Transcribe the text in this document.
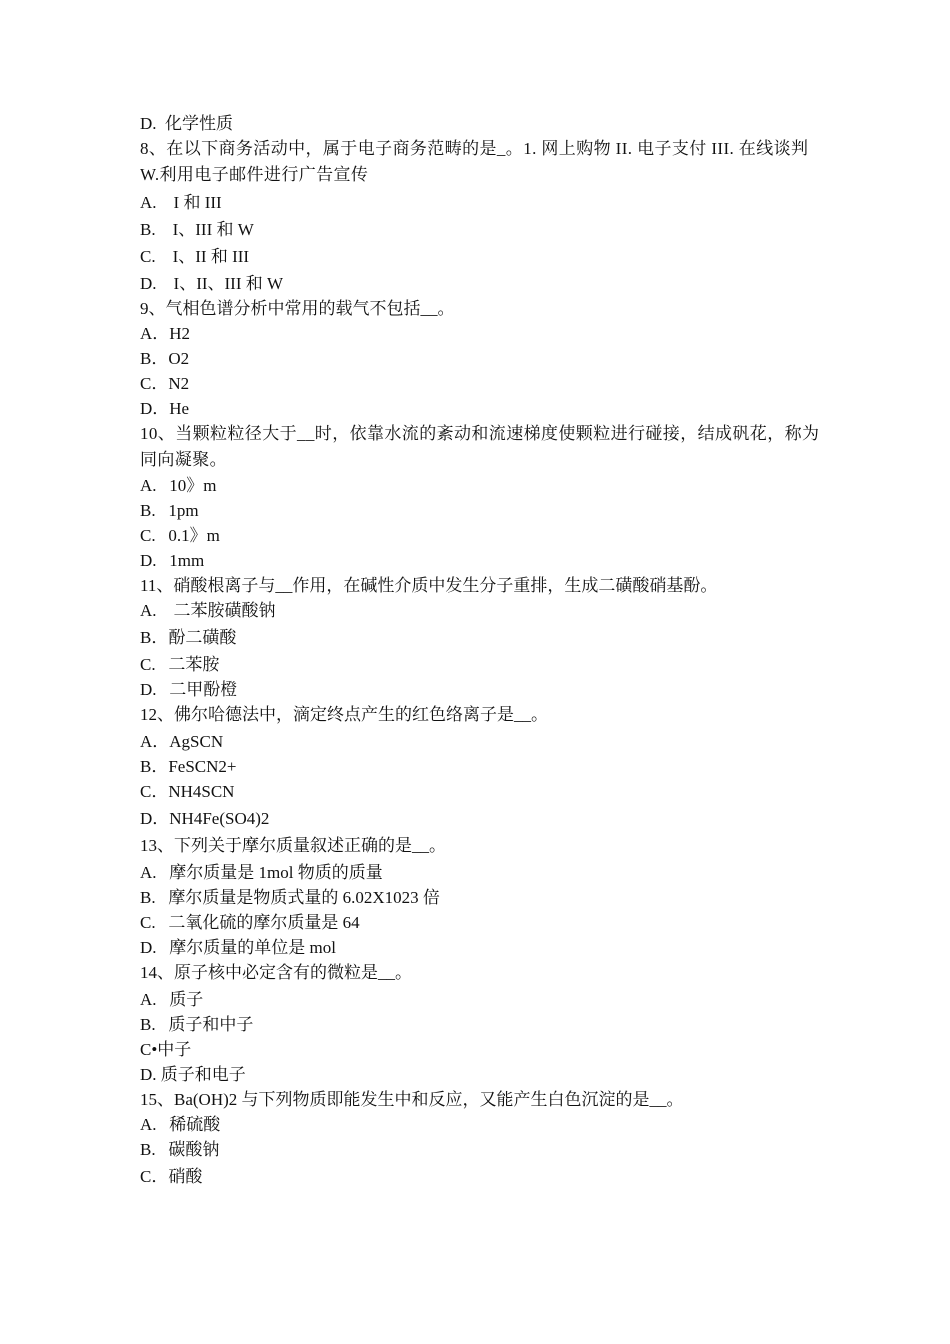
D.  化学性质
8、在以下商务活动中，属于电子商务范畴的是_。1. 网上购物 II. 电子支付 III. 在线谈判 W.利用电子邮件进行广告宣传
A.    I 和 III
B.    I、III 和 W
C.    I、II 和 III
D.    I、II、III 和 W
9、气相色谱分析中常用的载气不包括__。
A．H2
B．O2
C．N2
D．He
10、当颗粒粒径大于__时，依靠水流的紊动和流速梯度使颗粒进行碰接，结成矾花，称为同向凝聚。
A.   10》m
B.   1pm
C.   0.1》m
D.   1mm
11、硝酸根离子与__作用，在碱性介质中发生分子重排，生成二磺酸硝基酚。
A.    二苯胺磺酸钠
B．酚二磺酸
C.   二苯胺
D.   二甲酚橙
12、佛尔哈德法中，滴定终点产生的红色络离子是__。
A．AgSCN
B．FeSCN2+
C．NH4SCN
D．NH4Fe(SO4)2
13、下列关于摩尔质量叙述正确的是__。
A.   摩尔质量是 1mol 物质的质量
B.   摩尔质量是物质式量的 6.02X1023 倍
C.   二氧化硫的摩尔质量是 64
D.   摩尔质量的单位是 mol
14、原子核中必定含有的微粒是__。
A.   质子
B.   质子和中子
C•中子
D. 质子和电子
15、Ba(OH)2 与下列物质即能发生中和反应，又能产生白色沉淀的是__。
A.   稀硫酸
B.   碳酸钠
C．硝酸
